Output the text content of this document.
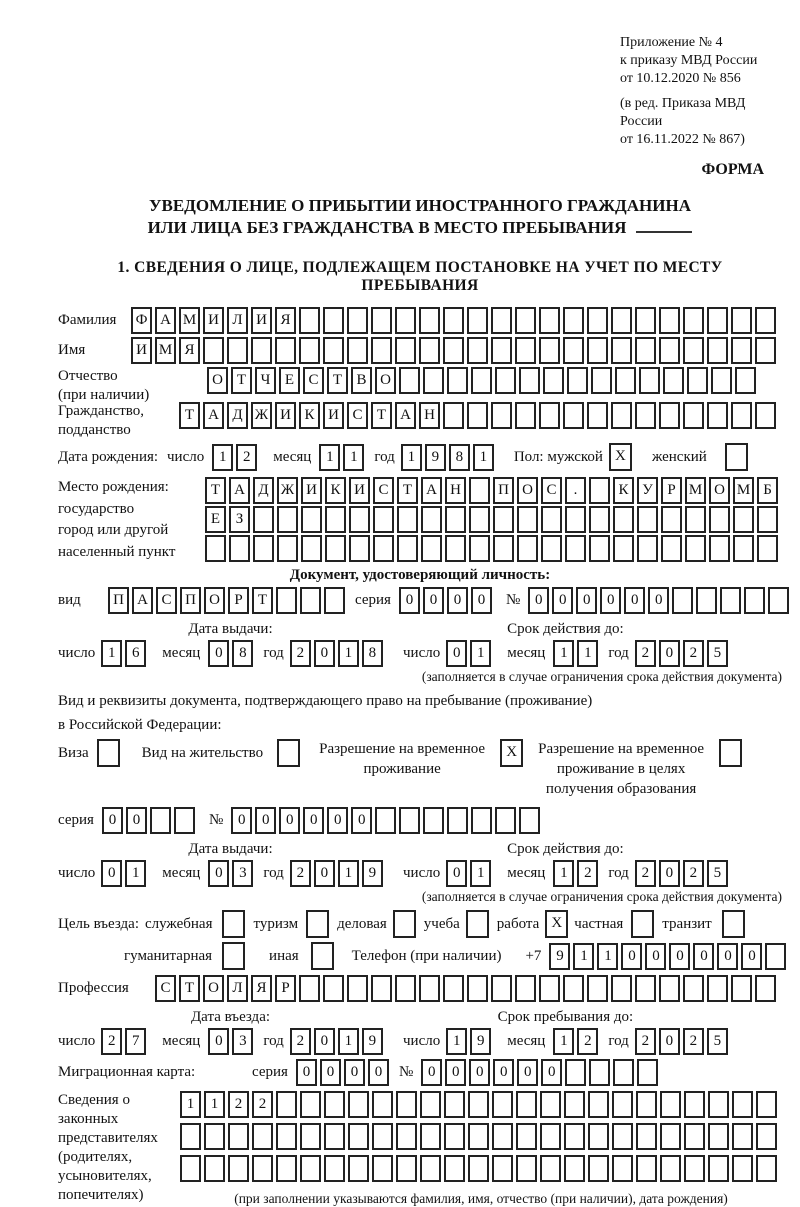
Приложение № 4
к приказу МВД России
от 10.12.2020 № 856
(в ред. Приказа МВД России
от 16.11.2022 № 867)
ФОРМА
УВЕДОМЛЕНИЕ О ПРИБЫТИИ ИНОСТРАННОГО ГРАЖДАНИНА
ИЛИ ЛИЦА БЕЗ ГРАЖДАНСТВА В МЕСТО ПРЕБЫВАНИЯ
1. СВЕДЕНИЯ О ЛИЦЕ, ПОДЛЕЖАЩЕМ ПОСТАНОВКЕ НА УЧЕТ ПО МЕСТУ ПРЕБЫВАНИЯ
Фамилия	Ф А М И Л И Я
Имя	И М Я
Отчество
(при наличии)
О Т Ч Е С Т В О
Гражданство,
подданство
Т А Д Ж И К И С Т А Н
Дата рождения: число 1	2	месяц 1	1	год 1	9	8	1	Пол: мужской X	женский
Место рождения:
государство
город или другой
населенный пункт
Т А Д Ж И К И С Т А Н	П О С	.	К У Р М О М Б
Е	З
Документ, удостоверяющий личность:
вид	П А С П О Р	Т	серия 0	0	0	0	№ 0	0	0	0	0	0
Дата выдачи:
число 1	6	месяц 0	8	год 2	0	1	8
Срок действия до:
число 0	1	месяц 1	1	год 2	0	2	5
(заполняется в случае ограничения срока действия документа)
Вид и реквизиты документа, подтверждающего право на пребывание (проживание)
в Российской Федерации:
Виза	Вид на жительство	Разрешение на временное проживание
X	Разрешение на временное проживание в целях получения образования
серия 0	0	№ 0	0	0	0	0	0
Дата выдачи:
число 0	1	месяц 0	3	год 2	0	1	9
Срок действия до:
число 0	1	месяц 1	2	год 2	0	2	5
(заполняется в случае ограничения срока действия документа)
Цель въезда: служебная	туризм	деловая учеба работа X частная	транзит
гуманитарная	иная	Телефон (при наличии) +7 9	1	1	0	0	0	0	0	0
Профессия	С Т О Л Я Р
Дата въезда:
число 2	7	месяц 0	3	год 2	0	1	9
Срок пребывания до:
число 1	9	месяц 1	2	год 2	0	2	5
Миграционная карта:	серия 0	0	0	0	№ 0	0	0	0	0	0
Сведения о
законных
представителях
(родителях,
усыновителях,
попечителях)
1	1	2	2
(при заполнении указываются фамилия, имя, отчество (при наличии), дата рождения)
